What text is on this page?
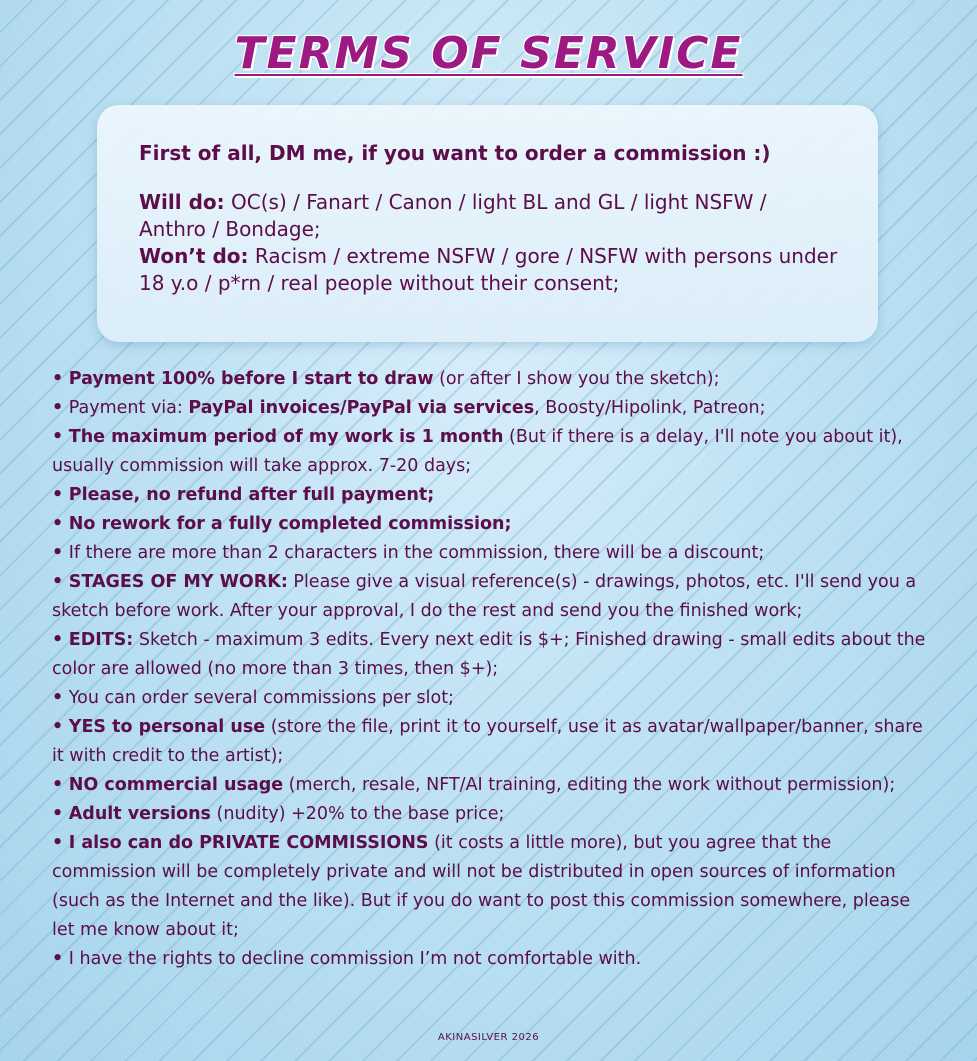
TERMS OF SERVICE

First of all, DM me, if you want to order a commission :)

Will do: OC(s) / Fanart / Canon / light BL and GL / light NSFW / Anthro / Bondage;

Won’t do: Racism / extreme NSFW / gore / NSFW with persons under 18 y.o / p*rn / real people without their consent;

• Payment 100% before I start to draw (or after I show you the sketch);
• Payment via: PayPal invoices/PayPal via services, Boosty/Hipolink, Patreon;
• The maximum period of my work is 1 month (But if there is a delay, I'll note you about it), usually commission will take approx. 7-20 days;
• Please, no refund after full payment;
• No rework for a fully completed commission;
• If there are more than 2 characters in the commission, there will be a discount;
• STAGES OF MY WORK: Please give a visual reference(s) - drawings, photos, etc. I'll send you a sketch before work. After your approval, I do the rest and send you the finished work;
• EDITS: Sketch - maximum 3 edits. Every next edit is $+; Finished drawing - small edits about the color are allowed (no more than 3 times, then $+);
• You can order several commissions per slot;
• YES to personal use (store the file, print it to yourself, use it as avatar/wallpaper/banner, share it with credit to the artist);
• NO commercial usage (merch, resale, NFT/AI training, editing the work without permission);
• Adult versions (nudity) +20% to the base price;
• I also can do PRIVATE COMMISSIONS (it costs a little more), but you agree that the commission will be completely private and will not be distributed in open sources of information (such as the Internet and the like). But if you do want to post this commission somewhere, please let me know about it;
• I have the rights to decline commission I’m not comfortable with.
AKINASILVER 2026
